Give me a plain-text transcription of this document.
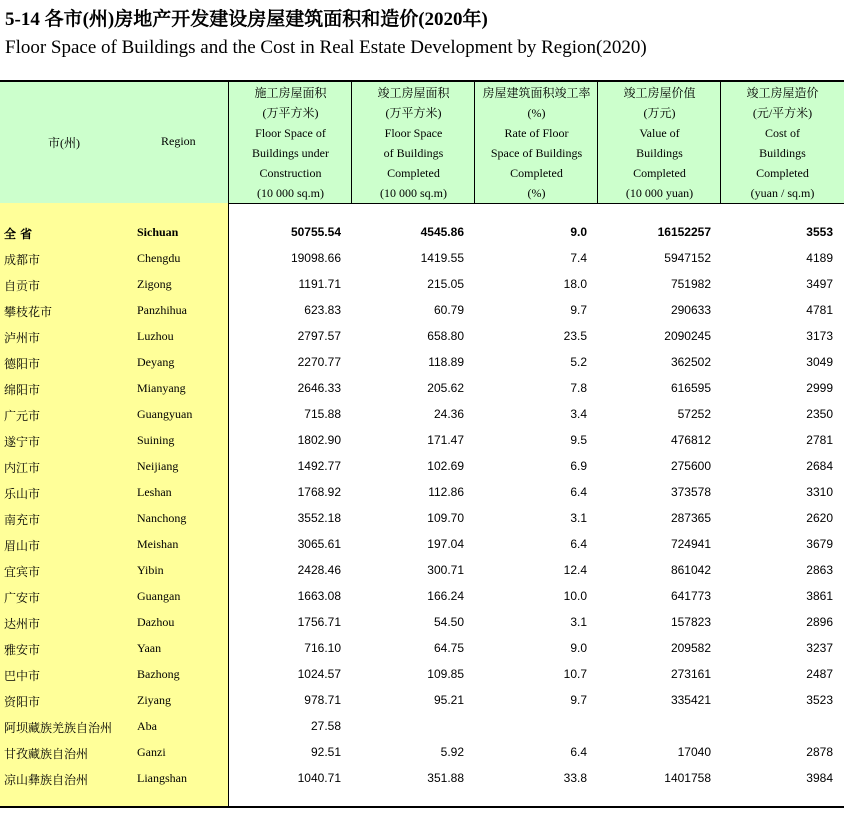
5-14 各市(州)房地产开发建设房屋建筑面积和造价(2020年)
Floor Space of Buildings and the Cost in Real Estate Development by Region(2020)
市(州)	Region
施工房屋面积
(万平方米)
Floor Space of
Buildings under
Construction
(10 000 sq.m)
竣工房屋面积
(万平方米)
Floor Space
of Buildings
Completed
(10 000 sq.m)
房屋建筑面积竣工率
(%)
Rate of Floor
Space of Buildings
Completed
(%)
竣工房屋价值
(万元)
Value of
Buildings
Completed
(10 000 yuan)
竣工房屋造价
(元/平方米)
Cost of
Buildings
Completed
(yuan / sq.m)
全 省	Sichuan	50755.54	4545.86	9.0	16152257	3553
成都市	Chengdu	19098.66	1419.55	7.4	5947152	4189
自贡市	Zigong	1191.71	215.05	18.0	751982	3497
攀枝花市	Panzhihua	623.83	60.79	9.7	290633	4781
泸州市	Luzhou	2797.57	658.80	23.5	2090245	3173
德阳市	Deyang	2270.77	118.89	5.2	362502	3049
绵阳市	Mianyang	2646.33	205.62	7.8	616595	2999
广元市	Guangyuan	715.88	24.36	3.4	57252	2350
遂宁市	Suining	1802.90	171.47	9.5	476812	2781
内江市	Neijiang	1492.77	102.69	6.9	275600	2684
乐山市	Leshan	1768.92	112.86	6.4	373578	3310
南充市	Nanchong	3552.18	109.70	3.1	287365	2620
眉山市	Meishan	3065.61	197.04	6.4	724941	3679
宜宾市	Yibin	2428.46	300.71	12.4	861042	2863
广安市	Guangan	1663.08	166.24	10.0	641773	3861
达州市	Dazhou	1756.71	54.50	3.1	157823	2896
雅安市	Yaan	716.10	64.75	9.0	209582	3237
巴中市	Bazhong	1024.57	109.85	10.7	273161	2487
资阳市	Ziyang	978.71	95.21	9.7	335421	3523
阿坝藏族羌族自治州 Aba	27.58
甘孜藏族自治州	Ganzi	92.51	5.92	6.4	17040	2878
凉山彝族自治州	Liangshan	1040.71	351.88	33.8	1401758	3984
